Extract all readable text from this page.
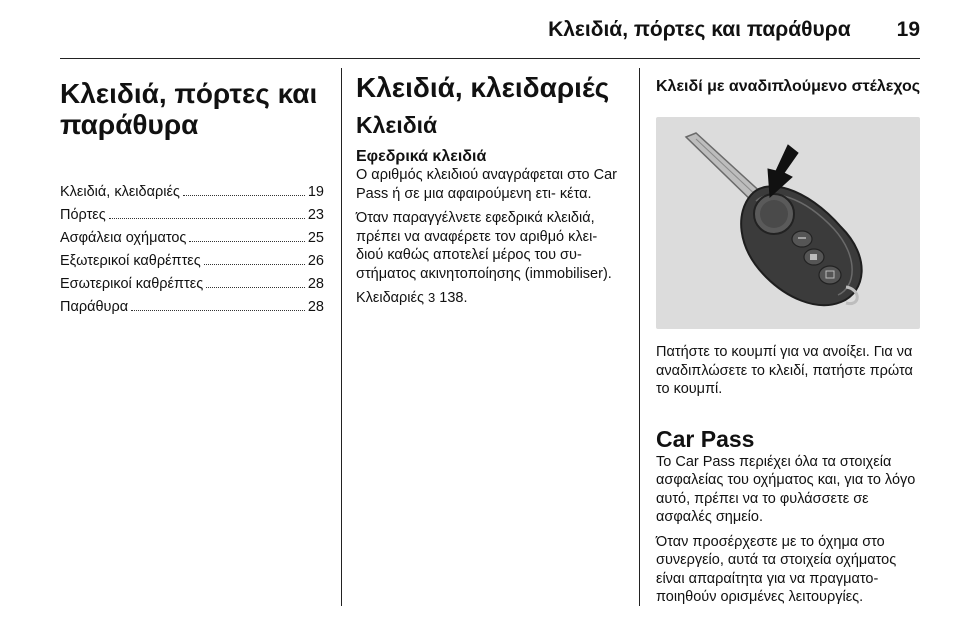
Κλειδιά, πόρτες και παράθυρα 19
Κλειδιά, πόρτες και παράθυρα
Κλειδιά, κλειδαριές	19
Πόρτες	23
Ασφάλεια οχήματος	25
Εξωτερικοί καθρέπτες	26
Εσωτερικοί καθρέπτες	28
Παράθυρα	28
Κλειδιά, κλειδαριές
Κλειδιά
Εφεδρικά κλειδιά

Ο αριθμός κλειδιού αναγράφεται στο Car Pass ή σε μια αφαιρούμενη ετι- κέτα.

Όταν παραγγέλνετε εφεδρικά κλειδιά, πρέπει να αναφέρετε τον αριθμό κλει- διού καθώς αποτελεί μέρος του συ- στήματος ακινητοποίησης (immobiliser).

Κλειδαριές 3 138.

Κλειδί με αναδιπλούμενο στέλεχος

Πατήστε το κουμπί για να ανοίξει. Για να αναδιπλώσετε το κλειδί, πατήστε πρώτα το κουμπί.

Car Pass

Το Car Pass περιέχει όλα τα στοιχεία ασφαλείας του οχήματος και, για το λόγο αυτό, πρέπει να το φυλάσσετε σε ασφαλές σημείο.

Όταν προσέρχεστε με το όχημα στο συνεργείο, αυτά τα στοιχεία οχήματος είναι απαραίτητα για να πραγματο- ποιηθούν ορισμένες λειτουργίες.
